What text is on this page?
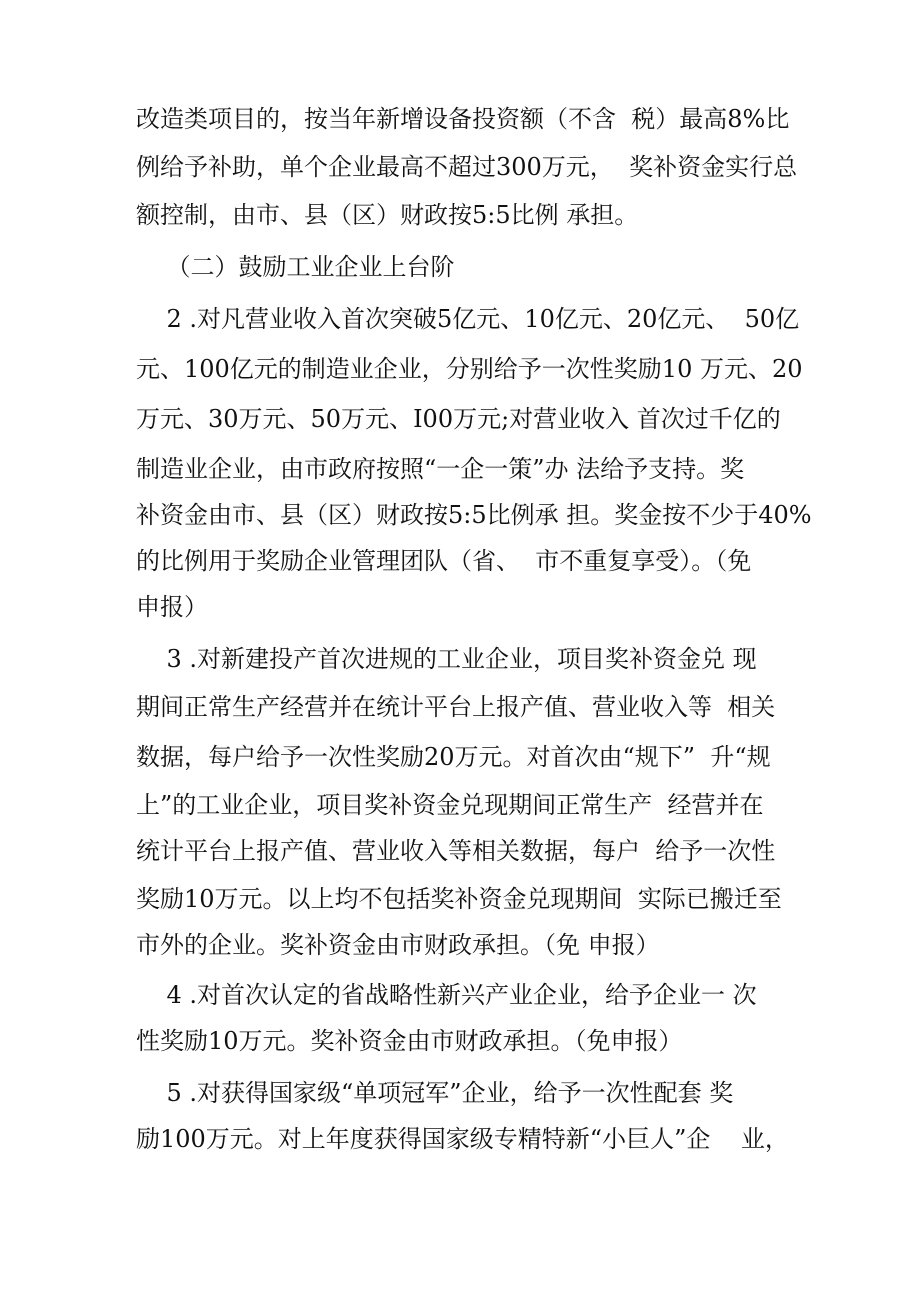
改造类项目的，按当年新增设备投资额（不含  税）最高8%比
例给予补助，单个企业最高不超过300万元，  奖补资金实行总
额控制，由市、县（区）财政按5:5比例 承担。
（二）鼓励工业企业上台阶
2 .对凡营业收入首次突破5亿元、10亿元、20亿元、  50亿
元、100亿元的制造业企业，分别给予一次性奖励10 万元、20
万元、30万元、50万元、I00万元;对营业收入 首次过千亿的
制造业企业，由市政府按照“一企一策”办 法给予支持。奖
补资金由市、县（区）财政按5:5比例承 担。奖金按不少于40%
的比例用于奖励企业管理团队（省、  市不重复享受）。（免
申报）
3 .对新建投产首次进规的工业企业，项目奖补资金兑 现
期间正常生产经营并在统计平台上报产值、营业收入等  相关
数据，每户给予一次性奖励20万元。对首次由“规下”  升“规
上”的工业企业，项目奖补资金兑现期间正常生产  经营并在
统计平台上报产值、营业收入等相关数据，每户  给予一次性
奖励10万元。以上均不包括奖补资金兑现期间  实际已搬迁至
市外的企业。奖补资金由市财政承担。（免 申报）
4 .对首次认定的省战略性新兴产业企业，给予企业一 次
性奖励10万元。奖补资金由市财政承担。（免申报）
5 .对获得国家级“单项冠军”企业，给予一次性配套 奖
励100万元。对上年度获得国家级专精特新“小巨人”企    业，
